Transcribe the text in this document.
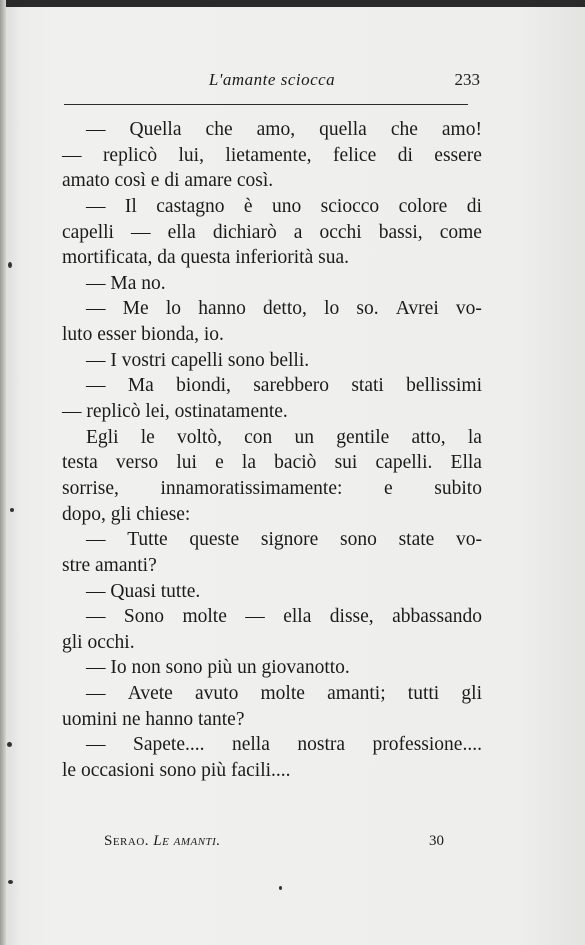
L'amante sciocca	233
— Quella che amo, quella che amo!
— replicò lui, lietamente, felice di essere
amato così e di amare così.
— Il castagno è uno sciocco colore di
capelli — ella dichiarò a occhi bassi, come
mortificata, da questa inferiorità sua.
— Ma no.
— Me lo hanno detto, lo so. Avrei vo-
luto esser bionda, io.
— I vostri capelli sono belli.
— Ma biondi, sarebbero stati bellissimi
— replicò lei, ostinatamente.
Egli le voltò, con un gentile atto, la
testa verso lui e la baciò sui capelli. Ella
sorrise, innamoratissimamente: e subito
dopo, gli chiese:
— Tutte queste signore sono state vo-
stre amanti?
— Quasi tutte.
— Sono molte — ella disse, abbassando
gli occhi.
— Io non sono più un giovanotto.
— Avete avuto molte amanti; tutti gli
uomini ne hanno tante?
— Sapete.... nella nostra professione....
le occasioni sono più facili....
Serao. Le amanti.	30
